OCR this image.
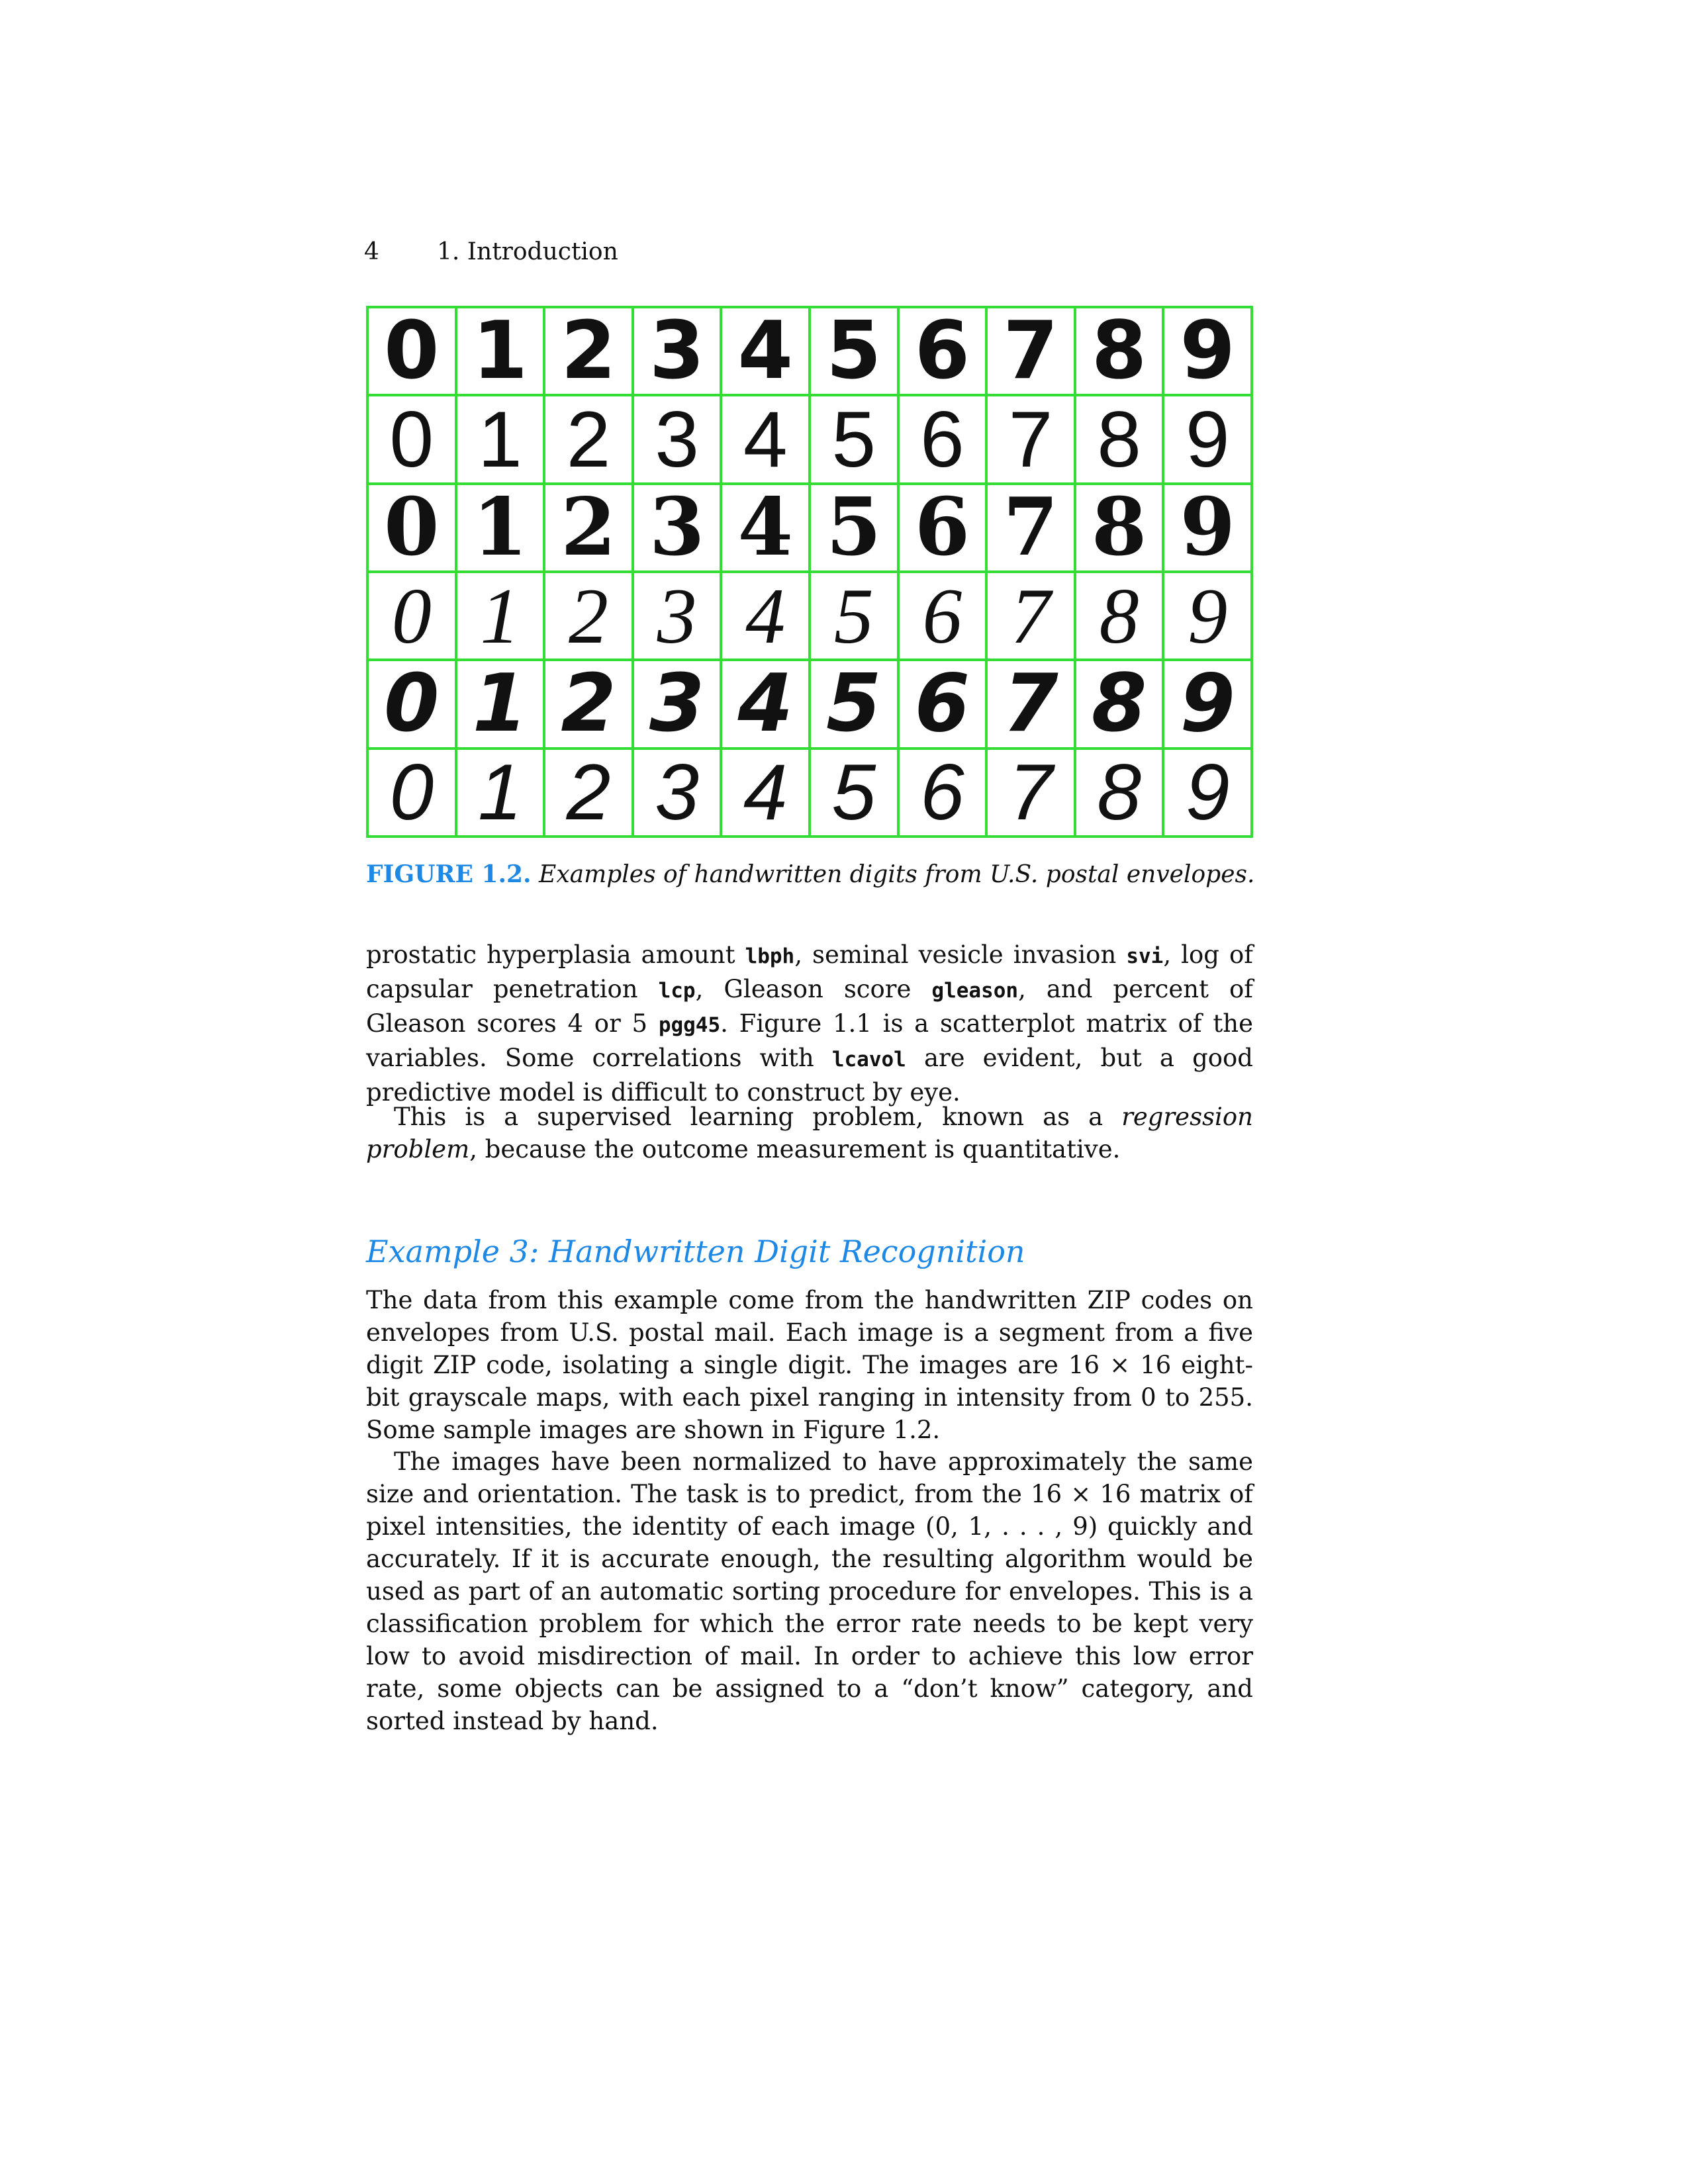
4 1. Introduction
0 1 2 3 4 5 6 7 8 9
0 1 2 3 4 5 6 7 8 9
0 1 2 3 4 5 6 7 8 9
0 1 2 3 4 5 6 7 8 9
0 1 2 3 4 5 6 7 8 9
0 1 2 3 4 5 6 7 8 9
FIGURE 1.2. Examples of handwritten digits from U.S. postal envelopes.

prostatic hyperplasia amount lbph, seminal vesicle invasion svi, log of capsular penetration lcp, Gleason score gleason, and percent of Gleason scores 4 or 5 pgg45. Figure 1.1 is a scatterplot matrix of the variables. Some correlations with lcavol are evident, but a good predictive model is difficult to construct by eye.

This is a supervised learning problem, known as a regression problem, because the outcome measurement is quantitative.

Example 3: Handwritten Digit Recognition

The data from this example come from the handwritten ZIP codes on envelopes from U.S. postal mail. Each image is a segment from a five digit ZIP code, isolating a single digit. The images are 16 × 16 eight-bit grayscale maps, with each pixel ranging in intensity from 0 to 255. Some sample images are shown in Figure 1.2.

The images have been normalized to have approximately the same size and orientation. The task is to predict, from the 16 × 16 matrix of pixel intensities, the identity of each image (0, 1, . . . , 9) quickly and accurately. If it is accurate enough, the resulting algorithm would be used as part of an automatic sorting procedure for envelopes. This is a classification problem for which the error rate needs to be kept very low to avoid misdirection of mail. In order to achieve this low error rate, some objects can be assigned to a “don’t know” category, and sorted instead by hand.
